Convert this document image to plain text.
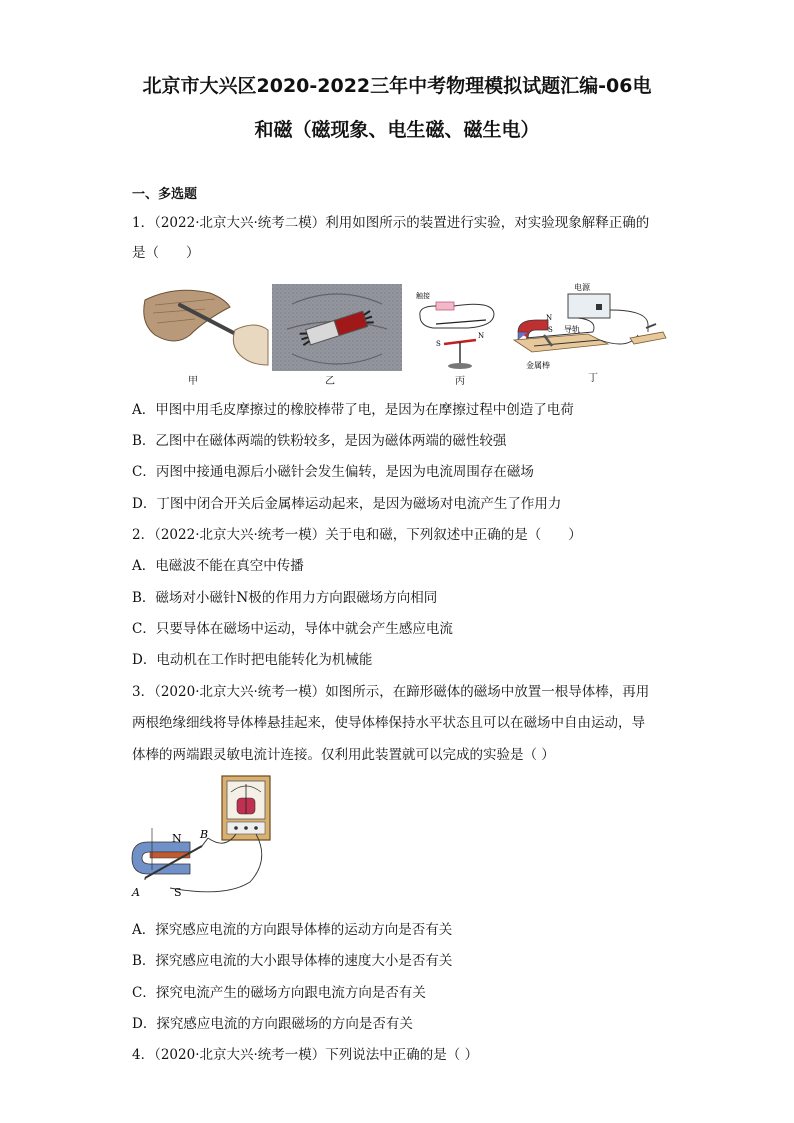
北京市大兴区2020-2022三年中考物理模拟试题汇编-06电
和磁（磁现象、电生磁、磁生电）
一、多选题
1．（2022·北京大兴·统考二模）利用如图所示的装置进行实验，对实验现象解释正确的
是（　　）
甲	乙
触接
S
N
丙
电源
N
S 导轨
金属棒
丁
A．甲图中用毛皮摩擦过的橡胶棒带了电，是因为在摩擦过程中创造了电荷
B．乙图中在磁体两端的铁粉较多，是因为磁体两端的磁性较强
C．丙图中接通电源后小磁针会发生偏转，是因为电流周围存在磁场
D．丁图中闭合开关后金属棒运动起来，是因为磁场对电流产生了作用力
2．（2022·北京大兴·统考一模）关于电和磁，下列叙述中正确的是（　　）
A．电磁波不能在真空中传播
B．磁场对小磁针N极的作用力方向跟磁场方向相同
C．只要导体在磁场中运动，导体中就会产生感应电流
D．电动机在工作时把电能转化为机械能
3．（2020·北京大兴·统考一模）如图所示，在蹄形磁体的磁场中放置一根导体棒，再用
两根绝缘细线将导体棒悬挂起来，使导体棒保持水平状态且可以在磁场中自由运动，导
体棒的两端跟灵敏电流计连接。仅利用此装置就可以完成的实验是（ ）
N
S
A
B
A．探究感应电流的方向跟导体棒的运动方向是否有关
B．探究感应电流的大小跟导体棒的速度大小是否有关
C．探究电流产生的磁场方向跟电流方向是否有关
D．探究感应电流的方向跟磁场的方向是否有关
4．（2020·北京大兴·统考一模）下列说法中正确的是（ ）
